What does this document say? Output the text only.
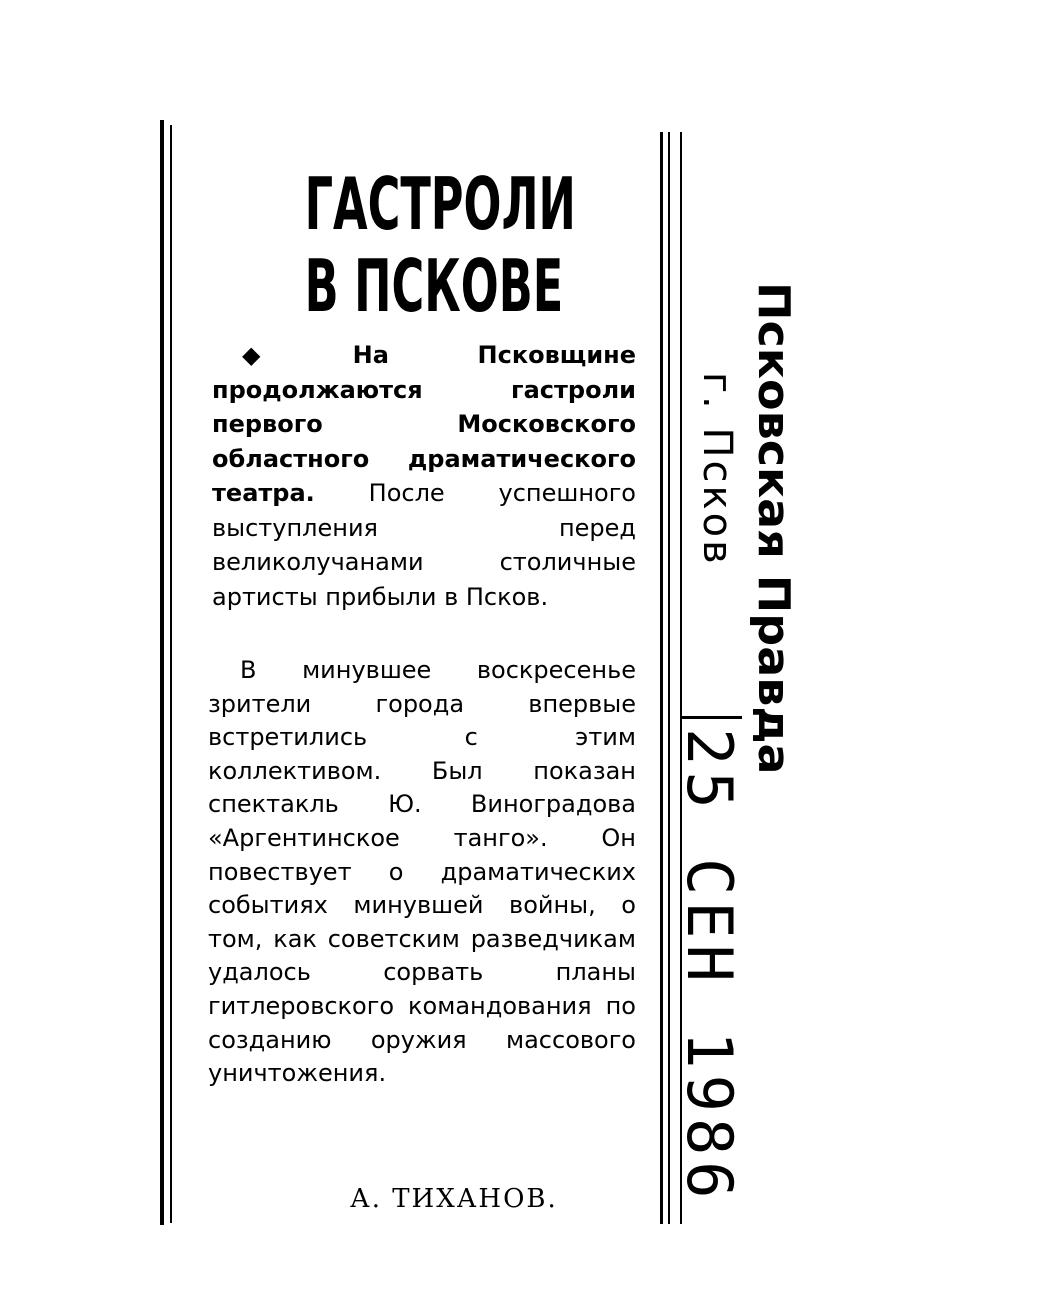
ГАСТРОЛИ
В ПСКОВЕ
◆ На Псковщине продолжаются гастроли первого Московского областного драматического театра. После успешного выступления перед великолучанами столичные артисты прибыли в Псков.
В минувшее воскресенье зрители города впервые встретились с этим коллективом. Был показан спектакль Ю. Виноградова «Аргентинское танго». Он повествует о драматических событиях минувшей войны, о том, как советским разведчикам удалось сорвать планы гитлеровского командования по созданию оружия массового уничтожения.
А. ТИХАНОВ.
Псковская Правда
г. Псков
25 СЕН 1986
